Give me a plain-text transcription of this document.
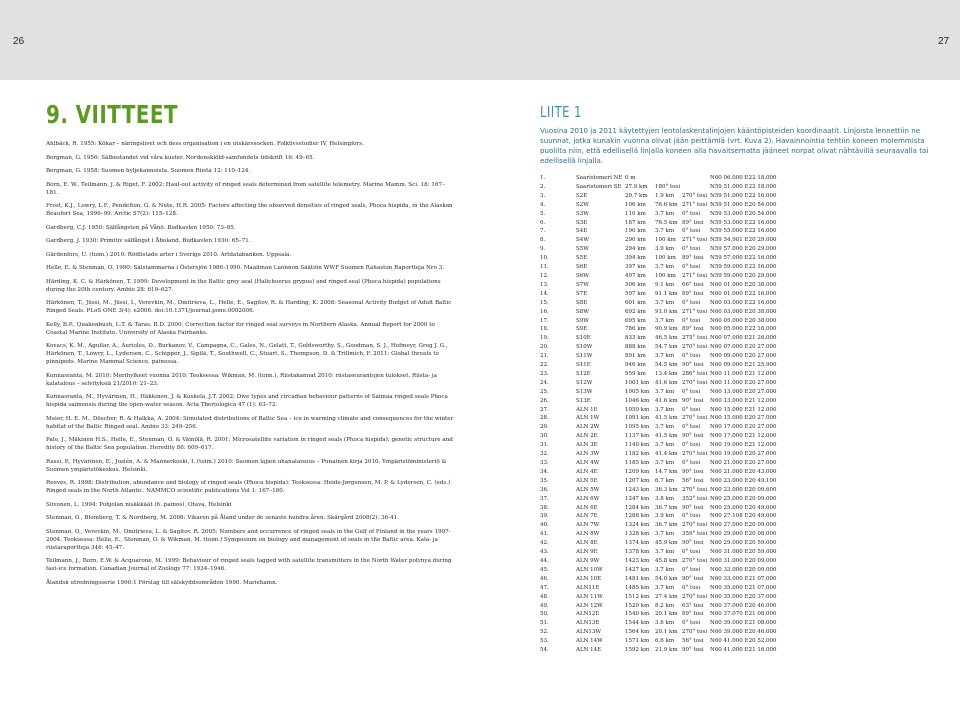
26	27
9. VIITTEET

Ahlbäck, R. 1955: Kökar – näringslivet och dess organisation i en utskärssocken. Folklivsstudier IV, Helsingfors.

Bergman, G. 1956: Sälbestandet vid våra kuster. Nordenskiöld-samfundets tidskrift 16: 49–65.

Bergman, G. 1958: Suomen hyljekannoista. Suomen Riista 12: 110–124.

Born, E. W., Teilmann, J. & Riget, F. 2002: Haul-out activity of ringed seals determined from satellite telemetry. Marine Mamm. Sci. 18: 167–181.

Frost, K.J., Lowry, L.F., Pendelton, G. & Nute, H.R. 2005: Factors affecting the observed densities of ringed seals, Phoca hispida, in the Alaskan Beaufort Sea, 1996–99. Arctic 57(2): 115–128.

Gardberg, C.J. 1950: Sälfångsten på Vånö. Budkavlen 1950: 73–85.

Gardberg, J. 1930: Primitiv sälfångst i Åboland. Budkavlen 1930: 65–71.

Gärdenfors, U. (toim.) 2010: Rödlistade arter i Sverige 2010. Artdatabanken. Uppsala.

Helle, E. & Stenman, O. 1990: Sälstammarna i Östersjön 1986–1990. Maailman Luonnon Säätiön WWF Suomen Rahaston Raportteja Nro 3.

Härding, K. C. & Härkönen, T. 1999: Development in the Baltic grey seal (Halichoerus grypus) and ringed seal (Phoca hispida) populations during the 20th century. Ambio 28: 619–627.

Härkönen, T., Jüssi, M., Jüssi, I., Verevkin, M., Dmitrieva, L., Helle, E., Sagitov, R. & Harding, K. 2008: Seasonal Activity Budget of Adult Baltic Ringed Seals. PLoS ONE 3(4): e2006. doi:10.1371/journal.pone.0002006.

Kelly, B.P., Quakenbush, L.T. & Taras, B.D. 2000: Correction factor for ringed seal surveys in Northern Alaska. Annual Report for 2000 to Coastal Marine Institute. University of Alaska Fairbanks.

Kovacs, K. M., Aguilar, A., Aurioles, D., Burkanov, V., Campagna, C., Gales, N., Gelatt, T., Goldsworthy, S., Goodman, S. J., Hofmeyr, Greg J. G., Härkönen, T., Lowry, L., Lydersen, C., Schipper, J., Sipilä, T., Southwell, C., Stuart, S., Thompson, D. & Trillmich, F. 2011: Global threats to pinnipeds. Marine Mammal Science, painossa.

Kunnasranta, M. 2010: Merihylkeet vuonna 2010: Teoksessa: Wikman, M. (toim.), Riistakannat 2010: riistaseurantojen tulokset. Riista- ja kalatalous – selvityksiä 21/2010: 21–23.

Kunnasranta, M., Hyvärinen, H., Häkkinen, J. & Koskela, J.T. 2002: Dive types and circadian behaviour patterns of Saimaa ringed seals Phoca hispida saimensis during the open-water season. Acta Theriologica 47 (1): 63–72.

Meier, H. E. M., Döscher, R. & Halkka, A. 2004: Simulated distributions of Baltic Sea – ice in warming climate and consequences for the winter habitat of the Baltic Ringed seal. Ambio 33: 249–256.

Palo, J., Mäkinen H.S., Helle, E., Stenman, O. & Väinölä, R. 2001: Microsatellite variation in ringed seals (Phoca hispida): genetic structure and history of the Baltic Sea population. Heredity 86: 609–617.

Rassi, P., Hyvärinen, E., Juslén, A. & Mannerkoski, I. (toim.) 2010: Suomen lajien uhanalaisuus – Punainen kirja 2010. Ympäristöministeriö & Suomen ympäristökeskus. Helsinki.

Reeves, R. 1998: Distribution, abundance and biology of ringed seals (Phoca hispida): Teoksessa: Heide-Jørgensen, M. P. & Lydersen, C. (eds.) Ringed seals in the North Atlantic. NAMMCO scientific publications Vol 1: 167–180.

Siivonen, L. 1994: Pohjolan nisäkkäät (6. painos). Otava, Helsinki

Stenman, O., Blomberg, T. & Nordberg, M. 2008: Vikaren på Åland under de senaste hundra åren. Skärgård 2008(2): 36-41.

Stenman, O., Verevkin, M., Dmitrieva, L. & Sagitov, R. 2005: Numbers and occurrence of ringed seals in the Gulf of Finland in the years 1997-2004. Teoksessa: Helle, E., Stenman, O. & Wikman, M. (toim.) Symposium on biology and management of seals in the Baltic area. Kala- ja riistaraportteja 346: 45–47.

Teilmann, J., Born, E.W. & Acquarone, M. 1999: Behaviour of ringed seals tagged with satellite transmitters in the North Water polynya during fast-ice formation. Canadian Journal of Zoology 77: 1934–1946.

Ålandsk utredningsserie 1990:1 Förslag till sälskyddsområden 1990. Mariehamn.

LIITE 1
Vuosina 2010 ja 2011 käytettyjen lentolaskentalinjojen kääntöpisteiden koordinaatit. Linjoista lennettiin ne suunnat, jotka kunakin vuonna olivat jään peittämiä (vrt. Kuva 2). Havainnointia tehtiin koneen molemmista puolilta niin, että edellisellä linjalla koneen alla havaitsematta jääneet norpat olivat nähtävillä seuraavalla tai edellisellä linjalla.
1.	Saaristomeri NE	0 m			N60 06.000 E22 18.000
2.	Saaristomeri SE	27.9 km	180° tosi		N59 51.000 E22 18.000
3.	S2E	29.7 km	1.9 km	270° tosi	N59 51.000 E22 16.000
4.	S2W	106 km	76.6 km	271° tosi	N59 51.000 E20 54.000
5.	S3W	110 km	3.7 km	0° tosi	N59 53.000 E20 54.000
6.	S3E	187 km	76.5 km	89° tosi	N59 53.000 E22 16.000
7.	S4E	190 km	3.7 km	0° tosi	N59 55.000 E22 16.000
8.	S4W	290 km	100 km	271° tosi	N59 54.901 E20 29.000
9.	S5W	294 km	3.9 km	0° tosi	N59 57.000 E20 29.000
10.	S5E	394 km	100 km	89° tosi	N59 57.000 E22 16.000
11.	S6E	397 km	3.7 km	0° tosi	N59 59.000 E22 16.000
12.	S6W	497 km	100 km	271° tosi	N59 59.000 E20 29.000
13.	S7W	506 km	9.1 km	66° tosi	N60 01.000 E20 38.000
14.	S7E	597 km	91.1 km	89° tosi	N60 01.000 E22 16.000
15.	S8E	601 km	3.7 km	0° tosi	N60 03.000 E22 16.000
16.	S8W	692 km	91.0 km	271° tosi	N60 03.000 E20 38.000
17.	S9W	695 km	3.7 km	0° tosi	N60 05.000 E20 38.000
18.	S9E	786 km	90.9 km	89° tosi	N60 05.000 E22 16.000
19.	S10E	833 km	46.5 km	275° tosi	N60 07.000 E21 26.000
20.	S10W	888 km	54.7 km	270° tosi	N60 07.000 E20 27.000
21.	S11W	891 km	3.7 km	0° tosi	N60 09.000 E20 27.000
22.	S11E	946 km	54.5 km	90° tosi	N60 09.000 E21 25.900
23.	S12E	959 km	13.4 km	286° tosi	N60 11.000 E21 12.000
24.	S12W	1001 km	41.6 km	270° tosi	N60 11.000 E20 27.000
25.	S13W	1005 km	3.7 km	0° tosi	N60 13.000 E20 27.000
26.	S13E	1046 km	41.6 km	90° tosi	N60 13.000 E21 12.000
27.	ALN 1E	1050 km	3.7 km	0° tosi	N60 15.000 E21 12.000
28.	ALN 1W	1091 km	41.5 km	270° tosi	N60 15.000 E20 27.000
29.	ALN 2W	1095 km	3.7 km	0° tosi	N60 17.000 E20 27.000
30.	ALN 2E	1137 km	41.5 km	90° tosi	N60 17.000 E21 12.000
31.	ALN 3E	1140 km	3.7 km	0° tosi	N60 19.000 E21 12.000
32.	ALN 3W	1182 km	41.4 km	270° tosi	N60 19.000 E20 27.000
33.	ALN 4W	1185 km	3.7 km	0° tosi	N60 21.000 E20 27.000
34.	ALN 4E	1209 km	14.7 km	90° tosi	N60 21.000 E20 43.000
35.	ALN 5E	1207 km	6.7 km	56° tosi	N60 23.000 E20 49.100
36.	ALN 5W	1243 km	36.3 km	270° tosi	N60 23.000 E20 09.600
37.	ALN 6W	1247 km	3.8 km	352° tosi	N60 25.000 E20 09.000
38.	ALN 6E	1284 km	36.7 km	90° tosi	N60 25.000 E20 49.000
39.	ALN 7E	1288 km	3.9 km	0° tosi	N60 27.108 E20 49.000
40.	ALN 7W	1324 km	36.7 km	270° tosi	N60 27.000 E20 09.000
41.	ALN 8W	1328 km	3.7 km	359° tosi	N60 29.000 E20 08.000
42.	ALN 8E	1374 km	45.9 km	90° tosi	N60 29.000 E20 59.000
43.	ALN 9E	1378 km	3.7 km	0° tosi	N60 31.000 E20 59.000
44.	ALN 9W	1423 km	45.8 km	270° tosi	N60 31.000 E20 09.000
45.	ALN 10W	1427 km	3.7 km	0° tosi	N60 33.000 E20 09.000
46.	ALN 10E	1481 km	54.0 km	90° tosi	N60 33.000 E21 07.000
47.	ALN11E	1485 km	3.7 km	0° tosi	N60 35.000 E21 07.000
48.	ALN 11W	1512 km	27.4 km	270° tosi	N60 35.000 E20 37.000
49.	ALN 12W	1520 km	8.2 km	63° tosi	N60 37.000 E20 46.000
50.	ALN12E	1540 km	20.1 km	89° tosi	N60 37.070 E21 08.000
51.	ALN13E	1544 km	3.6 km	0° tosi	N60 39.000 E21 08.000
52.	ALN13W	1564 km	20.1 km	270° tosi	N60 39.000 E20 46.000
53.	ALN 14W	1571 km	6.6 km	56° tosi	N60 41.000 E20 52.000
54.	ALN 14E	1592 km	21.9 km	90° tosi	N60 41.000 E21 16.000
